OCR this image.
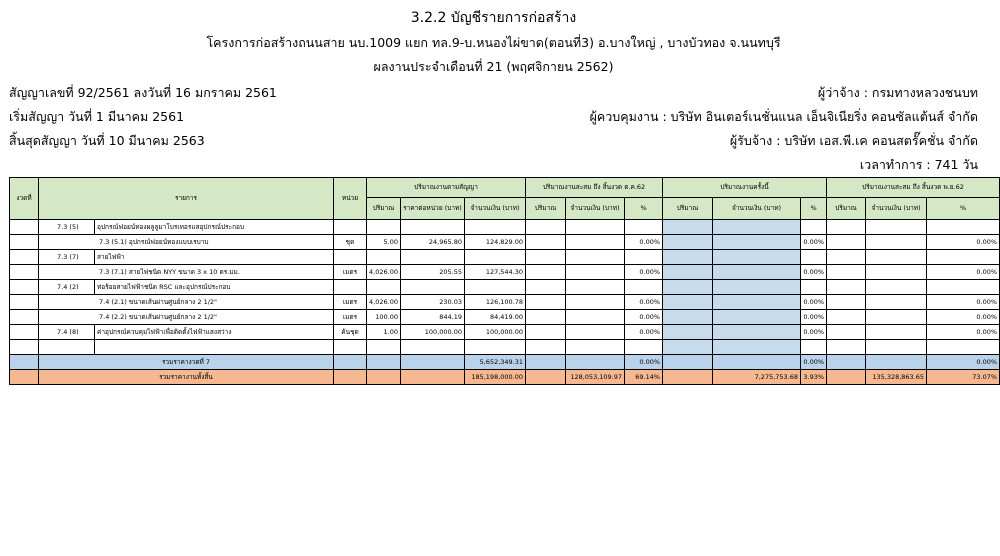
3.2.2 บัญชีรายการก่อสร้าง
โครงการก่อสร้างถนนสาย นบ.1009 แยก ทล.9-บ.หนองไผ่ขาด(ตอนที่3) อ.บางใหญ่ , บางบัวทอง จ.นนทบุรี
ผลงานประจำเดือนที่ 21 (พฤศจิกายน 2562)
สัญญาเลขที่ 92/2561 ลงวันที่ 16 มกราคม 2561
เริ่มสัญญา วันที่ 1 มีนาคม 2561
สิ้นสุดสัญญา วันที่ 10 มีนาคม 2563
ผู้ว่าจ้าง : กรมทางหลวงชนบท
ผู้ควบคุมงาน : บริษัท อินเตอร์เนชั่นแนล เอ็นจิเนียริ่ง คอนซัลแต้นส์ จำกัด
ผู้รับจ้าง : บริษัท เอส.พี.เค คอนสตรั๊คชั่น จำกัด
เวลาทำการ : 741 วัน
งวดที่	รายการ		หน่วย	ปริมาณงานตามสัญญา			ปริมาณงานสะสม ถึง สิ้นงวด ต.ค.62			ปริมาณงานครั้งนี้			ปริมาณงานสะสม ถึง สิ้นงวด พ.ย.62		
				ปริมาณ	ราคาต่อหน่วย (บาท)	จำนวนเงิน (บาท)	ปริมาณ	จำนวนเงิน (บาท)	%	ปริมาณ	จำนวนเงิน (บาท)	%	ปริมาณ	จำนวนเงิน (บาท)	%
	7.3 (5)	อุปกรณ์ฟอยน์ทองผลูลูมาโบรเทอรแสอุปกรณ์ประกอบ													
	7.3 (5.1) อุปกรณ์ฟอยน์ทองแบบเรบาบ		ชุด	5.00	24,965.80	124,829.00			0.00%			0.00%			0.00%
	7.3 (7)	สายไฟฟ้า													
	7.3 (7.1) สายไฟชนิด NYY ขนาด 3 x 10 ตร.มม.		เมตร	4,026.00	205.55	127,544.30			0.00%			0.00%			0.00%
	7.4 (2)	ท่อร้อยสายไฟฟ้าชนิด RSC และอุปกรณ์ประกอบ													
	7.4 (2.1) ขนาดเส้นผ่านศูนย์กลาง 2 1/2"		เมตร	4,026.00	230.03	126,100.78			0.00%			0.00%			0.00%
	7.4 (2.2) ขนาดเส้นผ่านศูนย์กลาง 2 1/2"		เมตร	100.00	844.19	84,419.00			0.00%			0.00%			0.00%
	7.4 (8)	ค่าอุปกรณ์ควบคุมไฟฟ้าเพื่อติดตั้งไฟฟ้าแสงสว่าง	ค้นชุด	1.00	100,000.00	100,000.00			0.00%			0.00%			0.00%

	รวมราคางวดที่ 7					5,652,349.31			0.00%			0.00%			0.00%
	รวมราคางานทั้งสิ้น					185,198,000.00		128,053,109.97	69.14%		7,275,753.68	3.93%		135,328,863.65	73.07%
